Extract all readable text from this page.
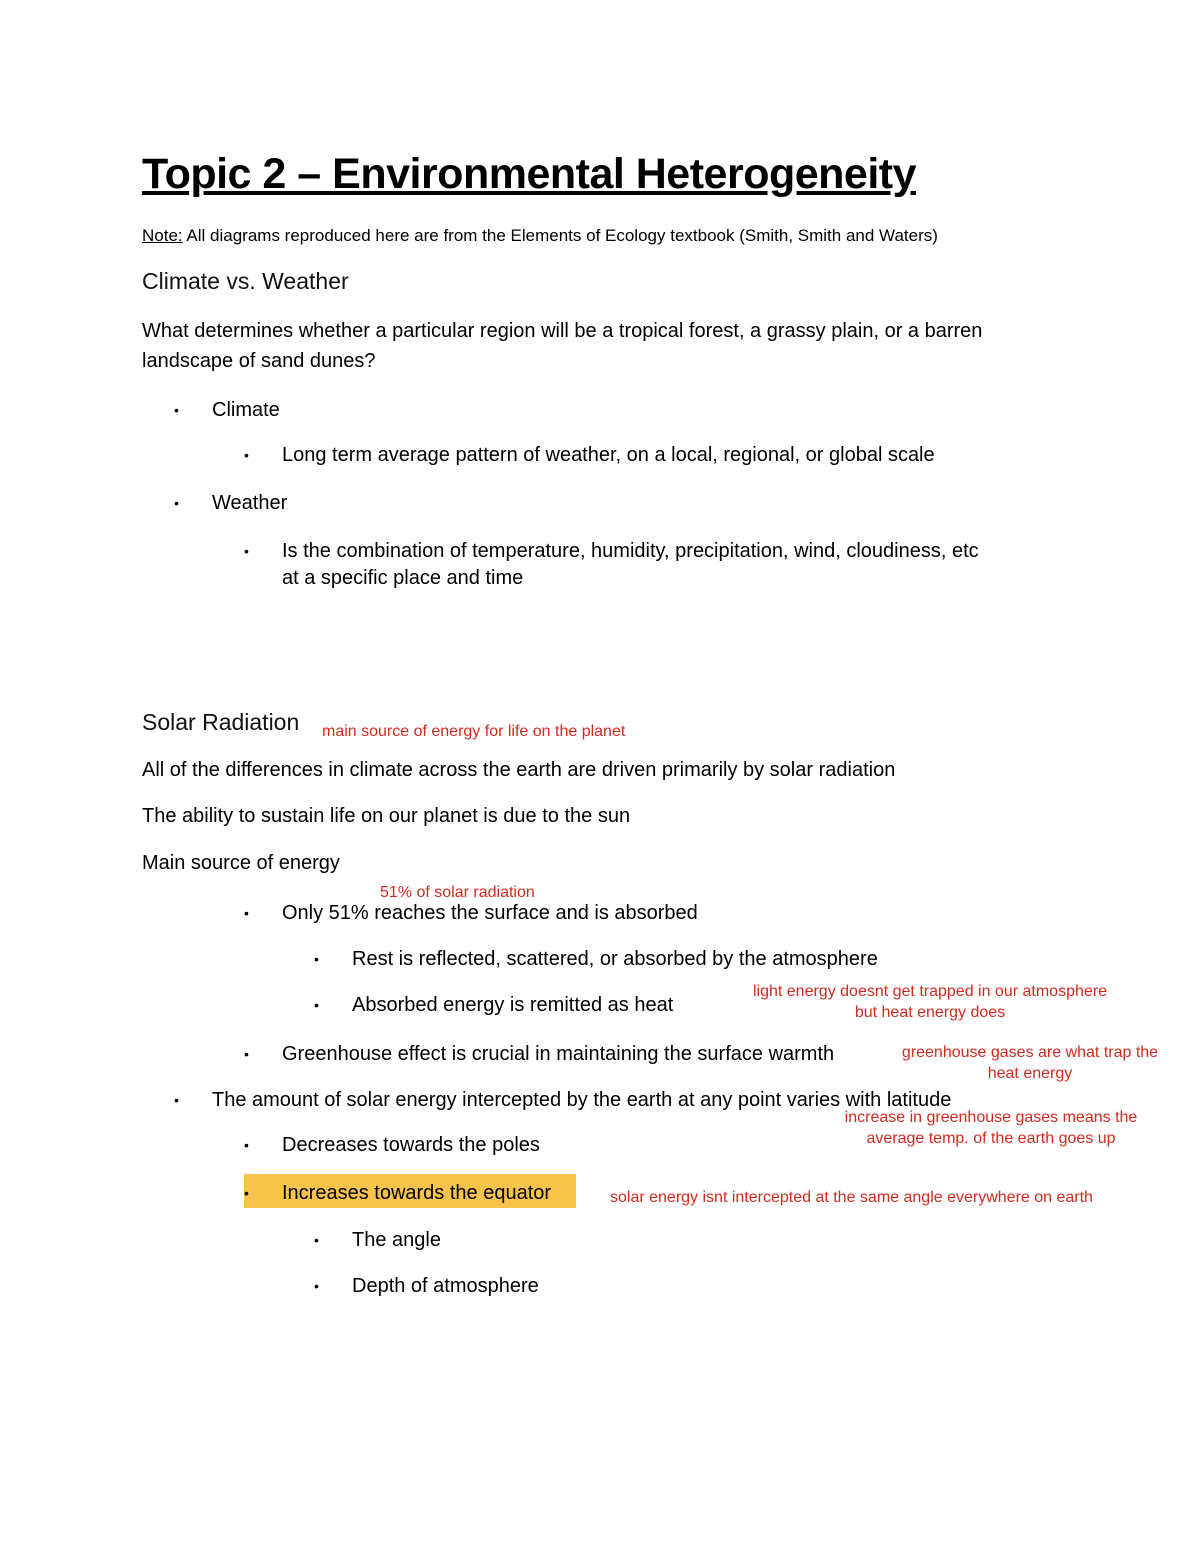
Topic 2 – Environmental Heterogeneity
Note: All diagrams reproduced here are from the Elements of Ecology textbook (Smith, Smith and Waters)
Climate vs. Weather
What determines whether a particular region will be a tropical forest, a grassy plain, or a barren
landscape of sand dunes?
• Climate
• Long term average pattern of weather, on a local, regional, or global scale
• Weather
• Is the combination of temperature, humidity, precipitation, wind, cloudiness, etc
at a specific place and time
Solar Radiation main source of energy for life on the planet
All of the differences in climate across the earth are driven primarily by solar radiation
The ability to sustain life on our planet is due to the sun
Main source of energy
51% of solar radiation
• Only 51% reaches the surface and is absorbed
• Rest is reflected, scattered, or absorbed by the atmosphere
• Absorbed energy is remitted as heat
light energy doesnt get trapped in our atmosphere
but heat energy does
• Greenhouse effect is crucial in maintaining the surface warmth	greenhouse gases are what trap the
heat energy
• The amount of solar energy intercepted by the earth at any point varies with latitude
increase in greenhouse gases means the
average temp. of the earth goes up
• Decreases towards the poles
• Increases towards the equator	solar energy isnt intercepted at the same angle everywhere on earth
• The angle
• Depth of atmosphere
